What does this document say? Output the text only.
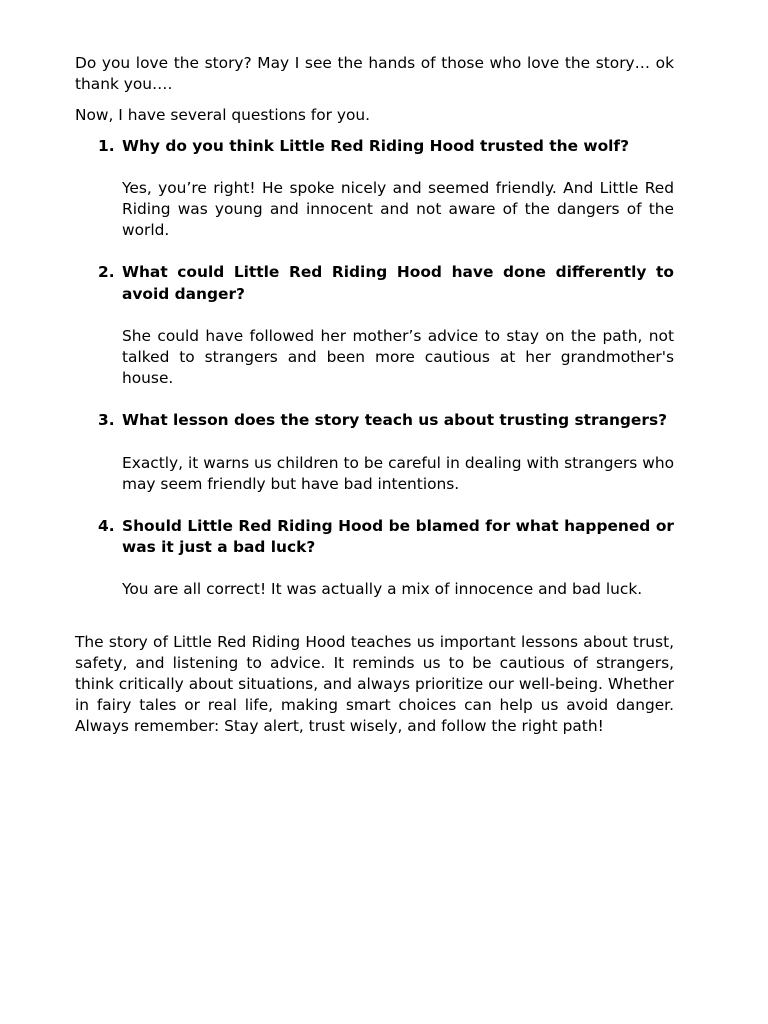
Do you love the story? May I see the hands of those who love the story… ok thank you….

Now, I have several questions for you.

1. Why do you think Little Red Riding Hood trusted the wolf?

Yes, you’re right! He spoke nicely and seemed friendly. And Little Red Riding was young and innocent and not aware of the dangers of the world.

2. What could Little Red Riding Hood have done differently to avoid danger?

She could have followed her mother’s advice to stay on the path, not talked to strangers and been more cautious at her grandmother's house.

3. What lesson does the story teach us about trusting strangers?

Exactly, it warns us children to be careful in dealing with strangers who may seem friendly but have bad intentions.

4. Should Little Red Riding Hood be blamed for what happened or was it just a bad luck?

You are all correct! It was actually a mix of innocence and bad luck.

The story of Little Red Riding Hood teaches us important lessons about trust, safety, and listening to advice. It reminds us to be cautious of strangers, think critically about situations, and always prioritize our well-being. Whether in fairy tales or real life, making smart choices can help us avoid danger. Always remember: Stay alert, trust wisely, and follow the right path!
